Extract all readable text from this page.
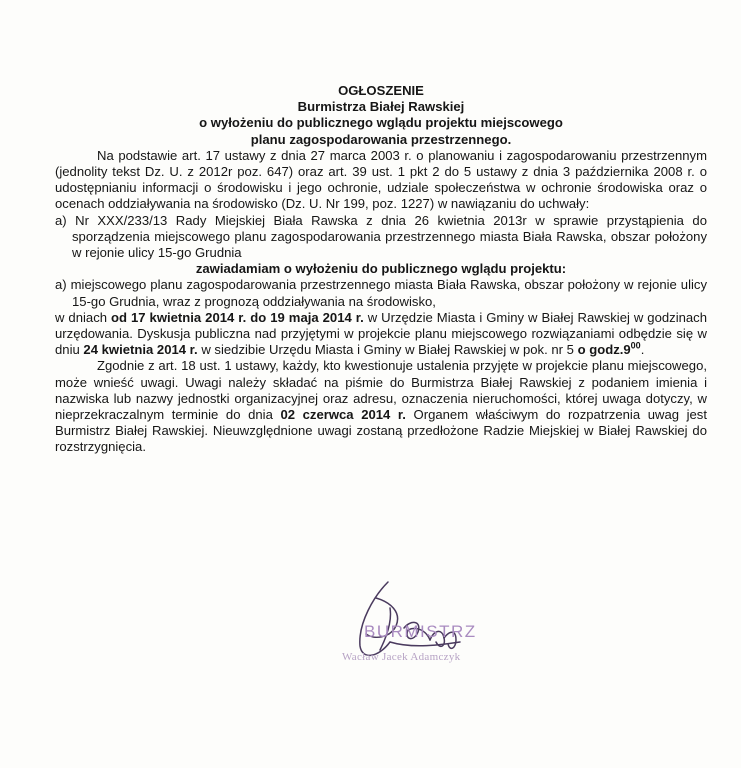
OGŁOSZENIE

Burmistrza Białej Rawskiej

o wyłożeniu do publicznego wglądu projektu miejscowego

planu zagospodarowania przestrzennego.

Na podstawie art. 17 ustawy z dnia 27 marca 2003 r. o planowaniu i zagospodarowaniu przestrzennym (jednolity tekst Dz. U. z 2012r poz. 647) oraz art. 39 ust. 1 pkt 2 do 5 ustawy z dnia 3 października 2008 r. o udostępnianiu informacji o środowisku i jego ochronie, udziale społeczeństwa w ochronie środowiska oraz o ocenach oddziaływania na środowisko (Dz. U. Nr 199, poz. 1227) w nawiązaniu do uchwały:

a) Nr XXX/233/13 Rady Miejskiej Biała Rawska z dnia 26 kwietnia 2013r w sprawie przystąpienia do sporządzenia miejscowego planu zagospodarowania przestrzennego miasta Biała Rawska, obszar położony w rejonie ulicy 15-go Grudnia

zawiadamiam o wyłożeniu do publicznego wglądu projektu:

a) miejscowego planu zagospodarowania przestrzennego miasta Biała Rawska, obszar położony w rejonie ulicy 15-go Grudnia, wraz z prognozą oddziaływania na środowisko,

w dniach od 17 kwietnia 2014 r. do 19 maja 2014 r. w Urzędzie Miasta i Gminy w Białej Rawskiej w godzinach urzędowania. Dyskusja publiczna nad przyjętymi w projekcie planu miejscowego rozwiązaniami odbędzie się w dniu 24 kwietnia 2014 r. w siedzibie Urzędu Miasta i Gminy w Białej Rawskiej w pok. nr 5 o $godz.9^{00}$.

Zgodnie z art. 18 ust. 1 ustawy, każdy, kto kwestionuje ustalenia przyjęte w projekcie planu miejscowego, może wnieść uwagi. Uwagi należy składać na piśmie do Burmistrza Białej Rawskiej z podaniem imienia i nazwiska lub nazwy jednostki organizacyjnej oraz adresu, oznaczenia nieruchomości, której uwaga dotyczy, w nieprzekraczalnym terminie do dnia 02 czerwca 2014 r. Organem właściwym do rozpatrzenia uwag jest Burmistrz Białej Rawskiej. Nieuwzględnione uwagi zostaną przedłożone Radzie Miejskiej w Białej Rawskiej do rozstrzygnięcia.

BURMISTRZ
Wacław Jacek Adamczyk
